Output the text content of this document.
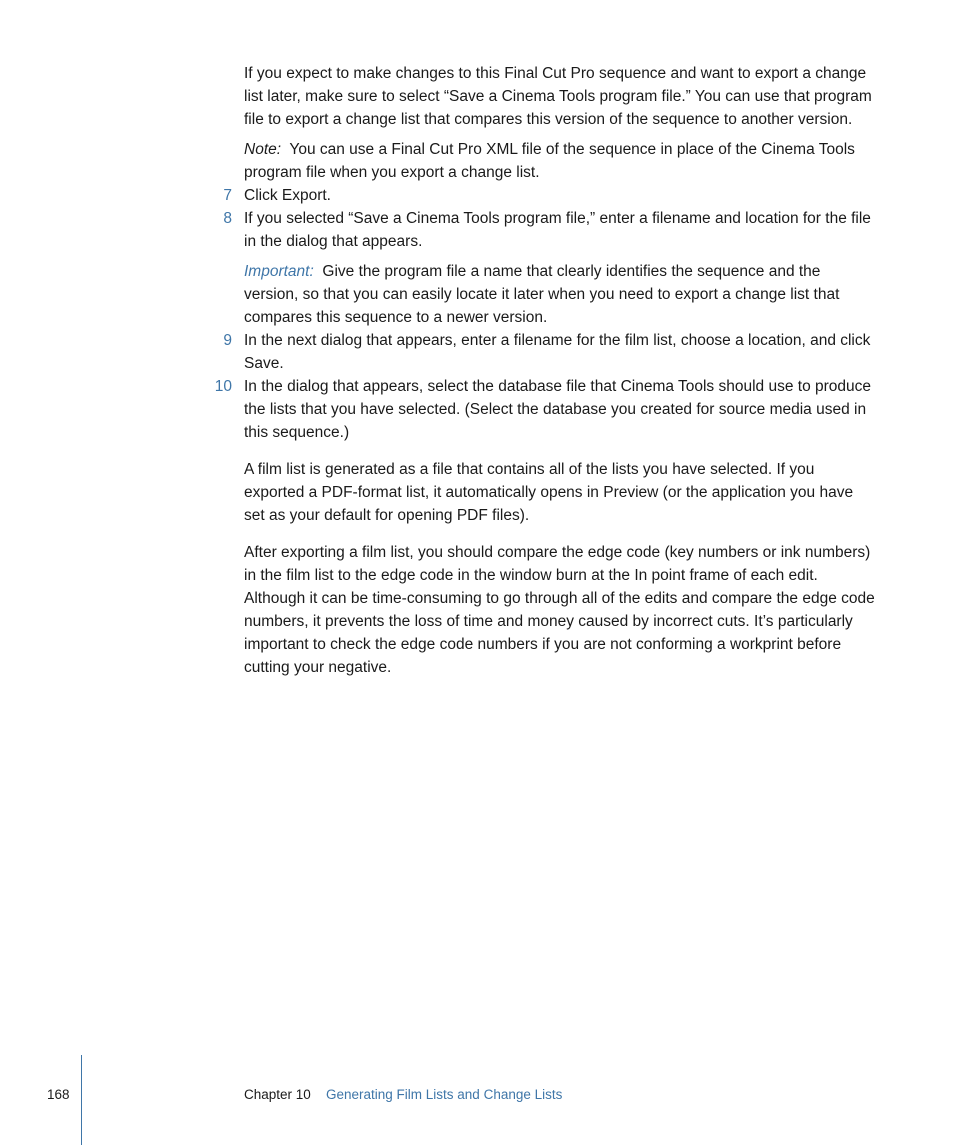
If you expect to make changes to this Final Cut Pro sequence and want to export a change list later, make sure to select “Save a Cinema Tools program file.” You can use that program file to export a change list that compares this version of the sequence to another version.

Note: You can use a Final Cut Pro XML file of the sequence in place of the Cinema Tools program file when you export a change list.

7 Click Export.

8 If you selected “Save a Cinema Tools program file,” enter a filename and location for the file in the dialog that appears.

Important: Give the program file a name that clearly identifies the sequence and the version, so that you can easily locate it later when you need to export a change list that compares this sequence to a newer version.

9 In the next dialog that appears, enter a filename for the film list, choose a location, and click Save.

10 In the dialog that appears, select the database file that Cinema Tools should use to produce the lists that you have selected. (Select the database you created for source media used in this sequence.)

A film list is generated as a file that contains all of the lists you have selected. If you exported a PDF-format list, it automatically opens in Preview (or the application you have set as your default for opening PDF files).

After exporting a film list, you should compare the edge code (key numbers or ink numbers) in the film list to the edge code in the window burn at the In point frame of each edit. Although it can be time-consuming to go through all of the edits and compare the edge code numbers, it prevents the loss of time and money caused by incorrect cuts. It’s particularly important to check the edge code numbers if you are not conforming a workprint before cutting your negative.

168	Chapter 10 Generating Film Lists and Change Lists
